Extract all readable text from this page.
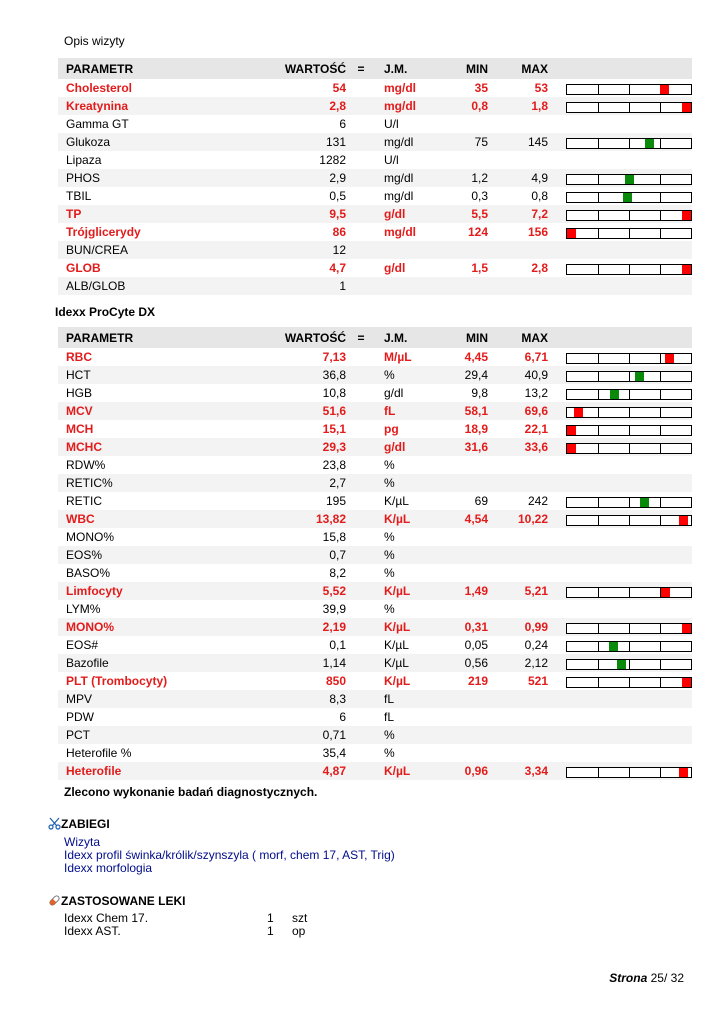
Opis wizyty
PARAMETR	WARTOŚĆ	=	J.M.	MIN	MAX		
Cholesterol	54		mg/dl	35	53		

Kreatynina	2,8		mg/dl	0,8	1,8		

Gamma GT	6		U/l				
Glukoza	131		mg/dl	75	145		

Lipaza	1282		U/l				
PHOS	2,9		mg/dl	1,2	4,9		

TBIL	0,5		mg/dl	0,3	0,8		

TP	9,5		g/dl	5,5	7,2		

Trójglicerydy	86		mg/dl	124	156		

BUN/CREA	12						
GLOB	4,7		g/dl	1,5	2,8		

ALB/GLOB	1						
Idexx ProCyte DX
PARAMETR	WARTOŚĆ	=	J.M.	MIN	MAX		
RBC	7,13		M/µL	4,45	6,71		

HCT	36,8		%	29,4	40,9		

HGB	10,8		g/dl	9,8	13,2		

MCV	51,6		fL	58,1	69,6		

MCH	15,1		pg	18,9	22,1		

MCHC	29,3		g/dl	31,6	33,6		

RDW%	23,8		%				
RETIC%	2,7		%				
RETIC	195		K/µL	69	242		

WBC	13,82		K/µL	4,54	10,22		

MONO%	15,8		%				
EOS%	0,7		%				
BASO%	8,2		%				
Limfocyty	5,52		K/µL	1,49	5,21		

LYM%	39,9		%				
MONO%	2,19		K/µL	0,31	0,99		

EOS#	0,1		K/µL	0,05	0,24		

Bazofile	1,14		K/µL	0,56	2,12		

PLT (Trombocyty)	850		K/µL	219	521		

MPV	8,3		fL				
PDW	6		fL				
PCT	0,71		%				
Heterofile %	35,4		%				
Heterofile	4,87		K/µL	0,96	3,34		
Zlecono wykonanie badań diagnostycznych.
ZABIEGI
Wizyta
Idexx profil świnka/królik/szynszyla ( morf, chem 17, AST, Trig)
Idexx morfologia
ZASTOSOWANE LEKI
Idexx Chem 17.	1 szt
Idexx AST.	1 op
Strona 25/ 32
